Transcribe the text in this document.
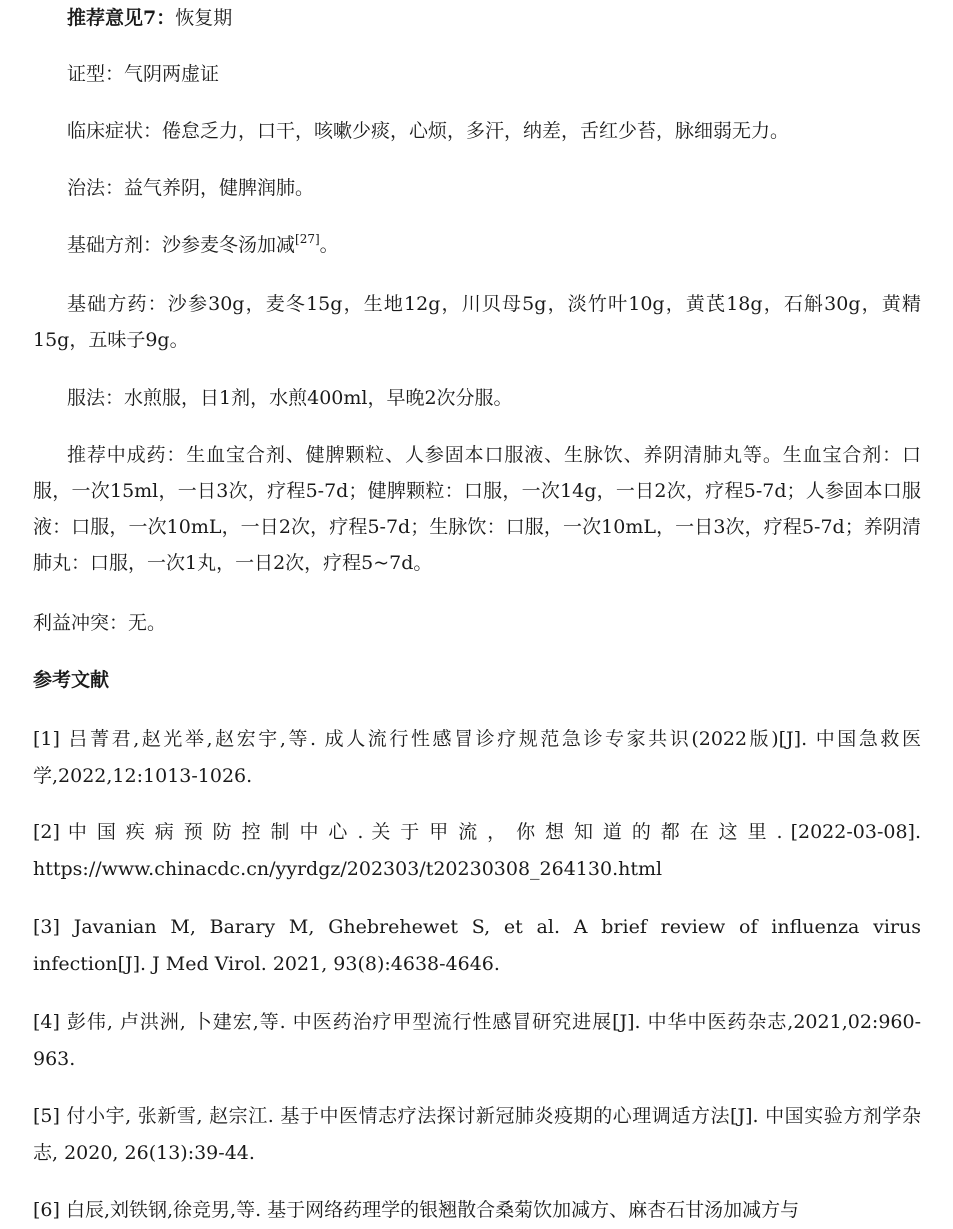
推荐意见7：恢复期

证型：气阴两虚证

临床症状：倦怠乏力，口干，咳嗽少痰，心烦，多汗，纳差，舌红少苔，脉细弱无力。

治法：益气养阴，健脾润肺。

基础方剂：沙参麦冬汤加减[27]。

基础方药：沙参30g，麦冬15g，生地12g，川贝母5g，淡竹叶10g，黄芪18g，石斛30g，黄精15g，五味子9g。

服法：水煎服，日1剂，水煎400ml，早晚2次分服。

推荐中成药：生血宝合剂、健脾颗粒、人参固本口服液、生脉饮、养阴清肺丸等。生血宝合剂：口服，一次15ml，一日3次，疗程5-7d；健脾颗粒：口服，一次14g，一日2次，疗程5-7d；人参固本口服液：口服，一次10mL，一日2次，疗程5-7d；生脉饮：口服，一次10mL，一日3次，疗程5-7d；养阴清肺丸：口服，一次1丸，一日2次，疗程5~7d。

利益冲突：无。

参考文献

[1] 吕菁君,赵光举,赵宏宇,等. 成人流行性感冒诊疗规范急诊专家共识(2022版)[J]. 中国急救医学,2022,12:1013-1026.

[2] 中 国 疾 病 预 防 控 制 中 心 . 关 于 甲 流 ， 你 想 知 道 的 都 在 这 里 . [2022-03-08]. https://www.chinacdc.cn/yyrdgz/202303/t20230308_264130.html

[3] Javanian M, Barary M, Ghebrehewet S, et al. A brief review of influenza virus infection[J]. J Med Virol. 2021, 93(8):4638-4646.

[4] 彭伟, 卢洪洲, 卜建宏,等. 中医药治疗甲型流行性感冒研究进展[J]. 中华中医药杂志,2021,02:960-963.

[5] 付小宇, 张新雪, 赵宗江. 基于中医情志疗法探讨新冠肺炎疫期的心理调适方法[J]. 中国实验方剂学杂志, 2020, 26(13):39-44.

[6] 白辰,刘铁钢,徐竞男,等. 基于网络药理学的银翘散合桑菊饮加减方、麻杏石甘汤加减方与
